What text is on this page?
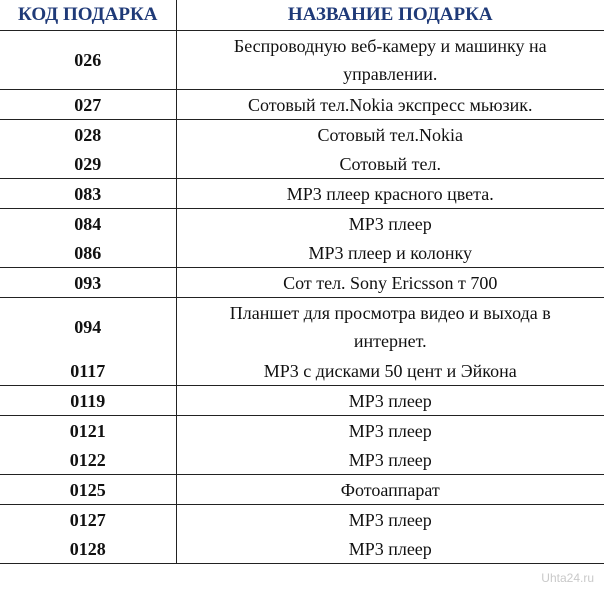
КОД ПОДАРКА	НАЗВАНИЕ ПОДАРКА
026	Беспроводную веб-камеру и машинку на управлении.
027	Сотовый тел.Nokia экспресс мьюзик.
028	Сотовый тел.Nokia
029	Сотовый тел.
083	MP3 плеер красного цвета.
084	MP3 плеер
086	MP3 плеер и колонку
093	Сот тел. Sony Ericsson т 700
094	Планшет для просмотра видео и выхода в интернет.
0117	MP3 с дисками 50 цент и Эйкона
0119	MP3 плеер
0121	MP3 плеер
0122	MP3 плеер
0125	Фотоаппарат
0127	MP3 плеер
0128	MP3 плеер
Uhta24.ru
